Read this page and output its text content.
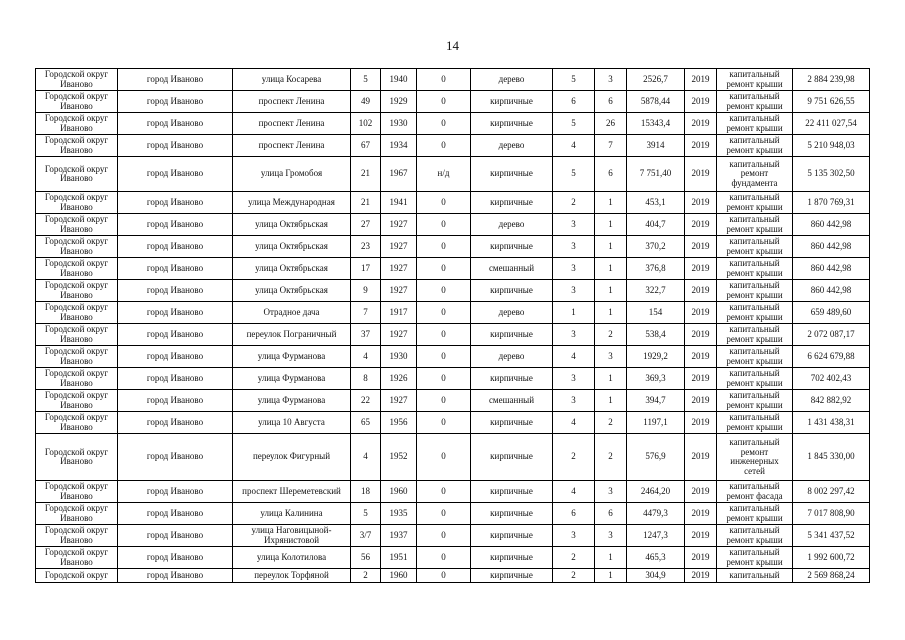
14
Городской округ Иваново	город Иваново	улица Косарева	5	1940	0	дерево	5	3	2526,7	2019	капитальный ремонт крыши	2 884 239,98
Городской округ Иваново	город Иваново	проспект Ленина	49	1929	0	кирпичные	6	6	5878,44	2019	капитальный ремонт крыши	9 751 626,55
Городской округ Иваново	город Иваново	проспект Ленина	102	1930	0	кирпичные	5	26	15343,4	2019	капитальный ремонт крыши	22 411 027,54
Городской округ Иваново	город Иваново	проспект Ленина	67	1934	0	дерево	4	7	3914	2019	капитальный ремонт крыши	5 210 948,03
Городской округ Иваново	город Иваново	улица Громобоя	21	1967	н/д	кирпичные	5	6	7 751,40	2019	капитальный ремонт фундамента	5 135 302,50
Городской округ Иваново	город Иваново	улица Международная	21	1941	0	кирпичные	2	1	453,1	2019	капитальный ремонт крыши	1 870 769,31
Городской округ Иваново	город Иваново	улица Октябрьская	27	1927	0	дерево	3	1	404,7	2019	капитальный ремонт крыши	860 442,98
Городской округ Иваново	город Иваново	улица Октябрьская	23	1927	0	кирпичные	3	1	370,2	2019	капитальный ремонт крыши	860 442,98
Городской округ Иваново	город Иваново	улица Октябрьская	17	1927	0	смешанный	3	1	376,8	2019	капитальный ремонт крыши	860 442,98
Городской округ Иваново	город Иваново	улица Октябрьская	9	1927	0	кирпичные	3	1	322,7	2019	капитальный ремонт крыши	860 442,98
Городской округ Иваново	город Иваново	Отрадное дача	7	1917	0	дерево	1	1	154	2019	капитальный ремонт крыши	659 489,60
Городской округ Иваново	город Иваново	переулок Пограничный	37	1927	0	кирпичные	3	2	538,4	2019	капитальный ремонт крыши	2 072 087,17
Городской округ Иваново	город Иваново	улица Фурманова	4	1930	0	дерево	4	3	1929,2	2019	капитальный ремонт крыши	6 624 679,88
Городской округ Иваново	город Иваново	улица Фурманова	8	1926	0	кирпичные	3	1	369,3	2019	капитальный ремонт крыши	702 402,43
Городской округ Иваново	город Иваново	улица Фурманова	22	1927	0	смешанный	3	1	394,7	2019	капитальный ремонт крыши	842 882,92
Городской округ Иваново	город Иваново	улица 10 Августа	65	1956	0	кирпичные	4	2	1197,1	2019	капитальный ремонт крыши	1 431 438,31
Городской округ Иваново	город Иваново	переулок Фигурный	4	1952	0	кирпичные	2	2	576,9	2019	капитальный ремонт инженерных сетей	1 845 330,00
Городской округ Иваново	город Иваново	проспект Шереметевский	18	1960	0	кирпичные	4	3	2464,20	2019	капитальный ремонт фасада	8 002 297,42
Городской округ Иваново	город Иваново	улица Калинина	5	1935	0	кирпичные	6	6	4479,3	2019	капитальный ремонт крыши	7 017 808,90
Городской округ Иваново	город Иваново	улица Наговицыной-Ихрянистовой	3/7	1937	0	кирпичные	3	3	1247,3	2019	капитальный ремонт крыши	5 341 437,52
Городской округ Иваново	город Иваново	улица Колотилова	56	1951	0	кирпичные	2	1	465,3	2019	капитальный ремонт крыши	1 992 600,72
Городской округ	город Иваново	переулок Торфяной	2	1960	0	кирпичные	2	1	304,9	2019	капитальный	2 569 868,24
